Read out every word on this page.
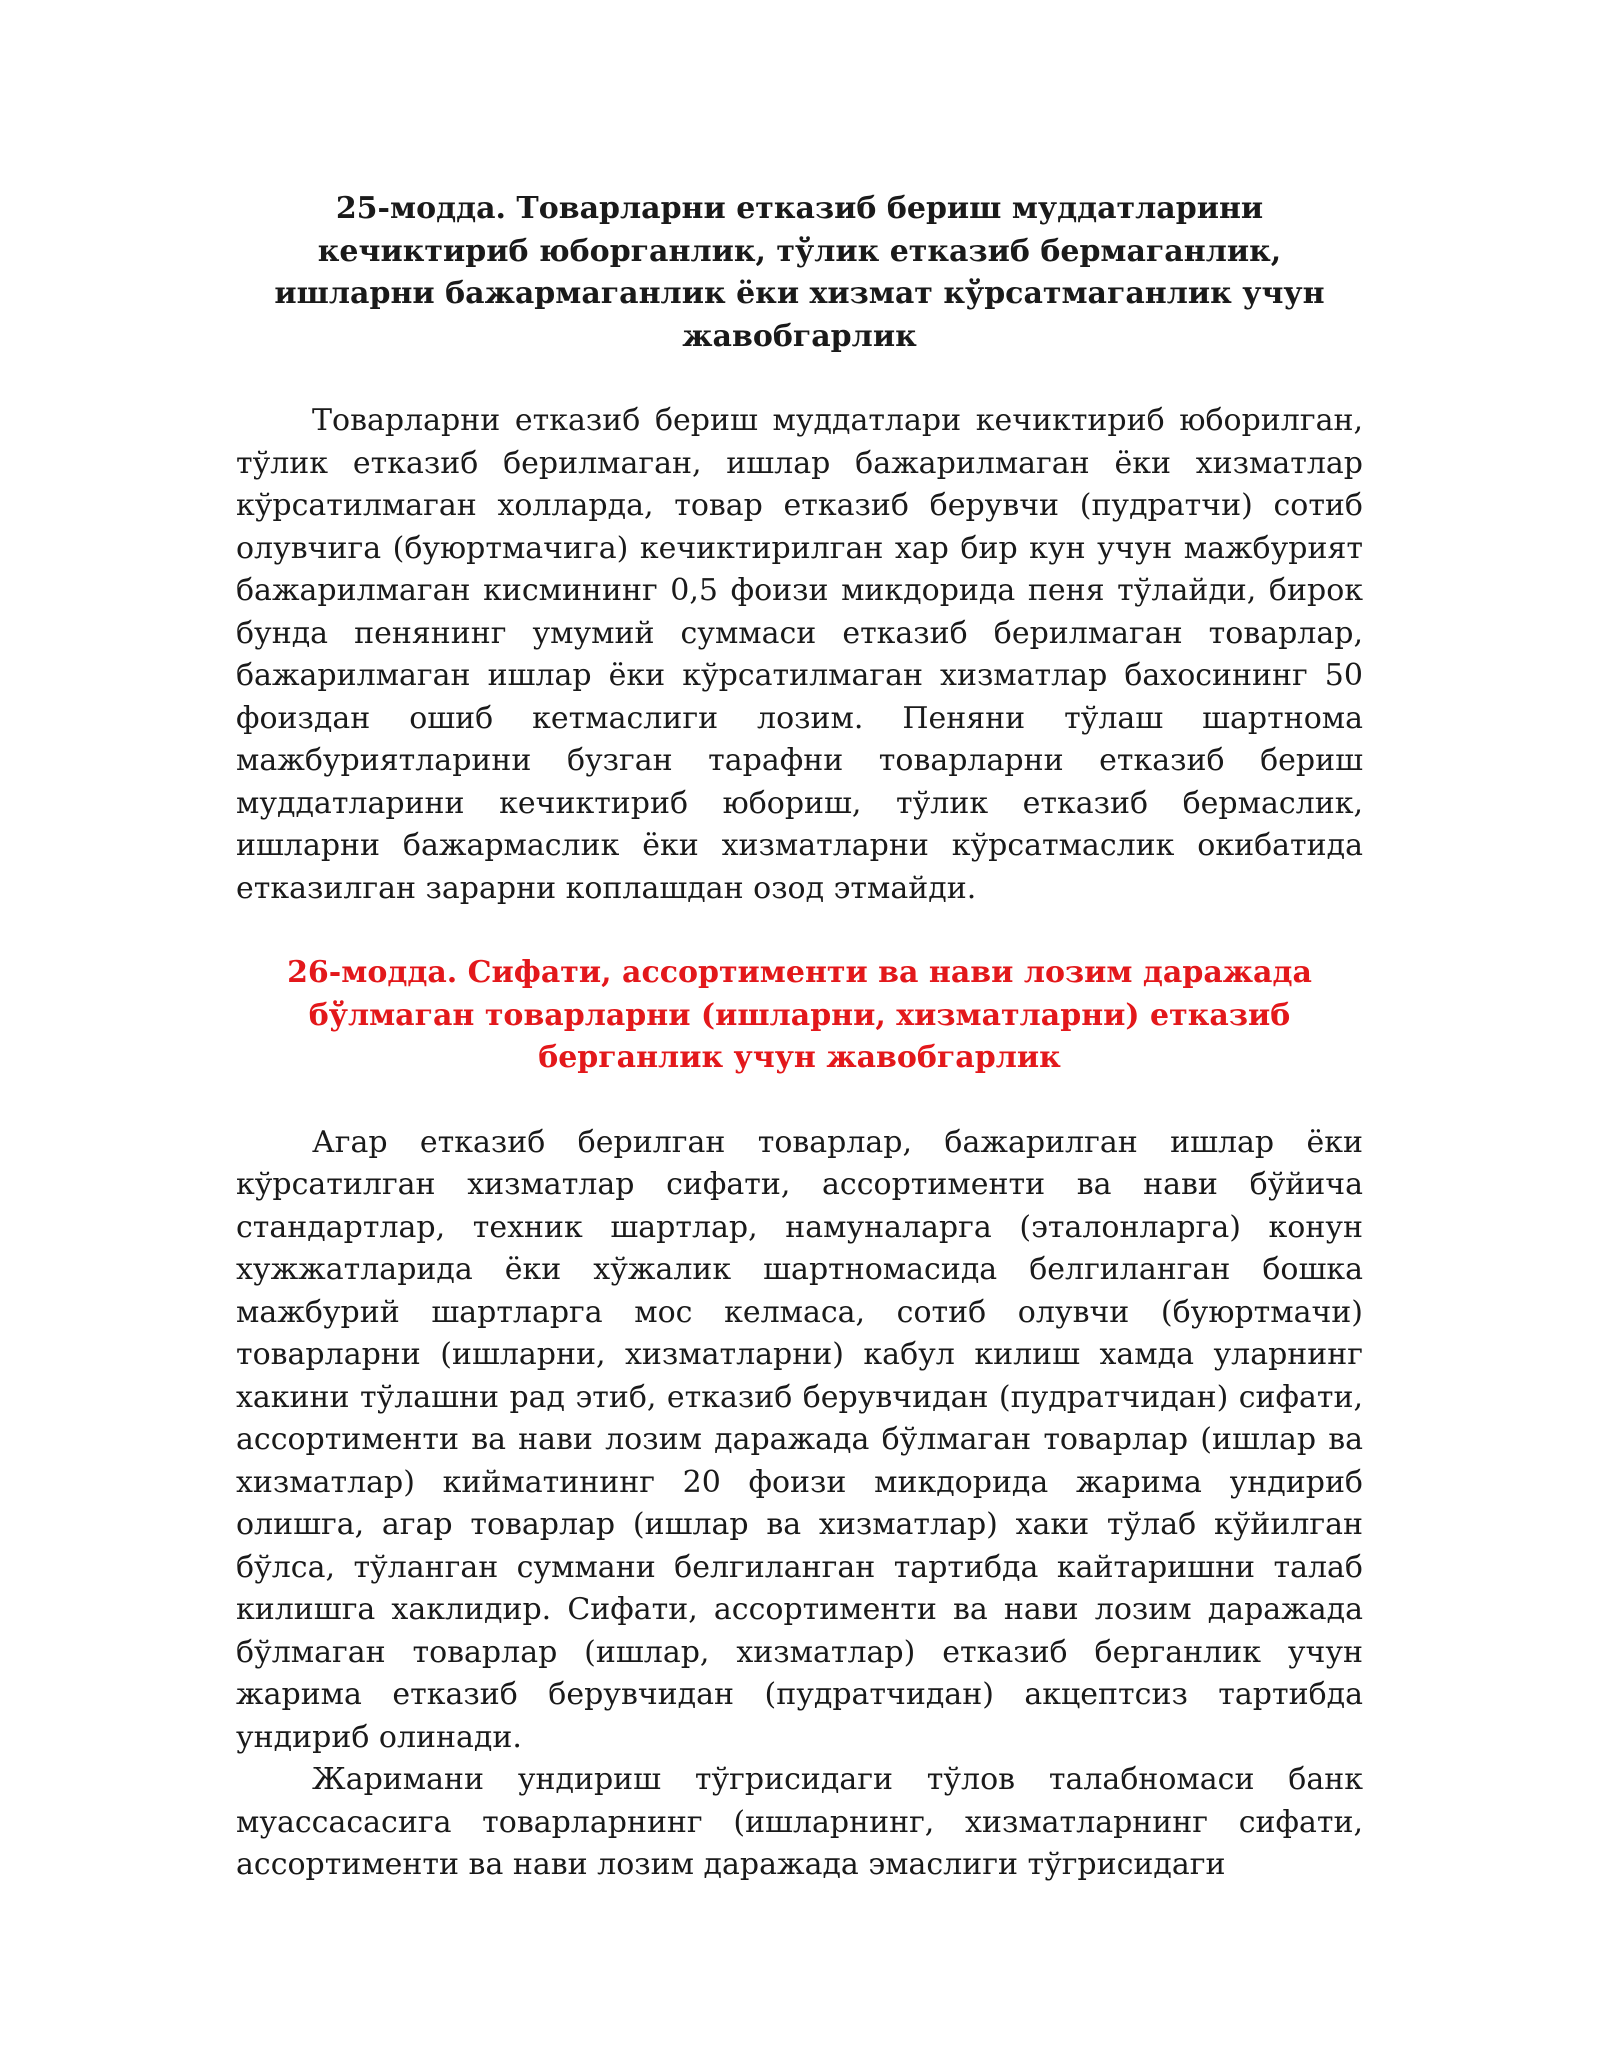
25-модда. Товарларни етказиб бериш муддатларини кечиктириб юборганлик, тўлик етказиб бермаганлик, ишларни бажармаганлик ёки хизмат кўрсатмаганлик учун жавобгарлик

Товарларни етказиб бериш муддатлари кечиктириб юборилган, тўлик етказиб берилмаган, ишлар бажарилмаган ёки хизматлар кўрсатилмаган холларда, товар етказиб берувчи (пудратчи) сотиб олувчига (буюртмачига) кечиктирилган хар бир кун учун мажбурият бажарилмаган кисмининг 0,5 фоизи микдорида пеня тўлайди, бирок бунда пенянинг умумий суммаси етказиб берилмаган товарлар, бажарилмаган ишлар ёки кўрсатилмаган хизматлар бахосининг 50 фоиздан ошиб кетмаслиги лозим. Пеняни тўлаш шартнома мажбуриятларини бузган тарафни товарларни етказиб бериш муддатларини кечиктириб юбориш, тўлик етказиб бермаслик, ишларни бажармаслик ёки хизматларни кўрсатмаслик окибатида етказилган зарарни коплашдан озод этмайди.

26-модда. Сифати, ассортименти ва нави лозим даражада бўлмаган товарларни (ишларни, хизматларни) етказиб берганлик учун жавобгарлик

Агар етказиб берилган товарлар, бажарилган ишлар ёки кўрсатилган хизматлар сифати, ассортименти ва нави бўйича стандартлар, техник шартлар, намуналарга (эталонларга) конун хужжатларида ёки хўжалик шартномасида белгиланган бошка мажбурий шартларга мос келмаса, сотиб олувчи (буюртмачи) товарларни (ишларни, хизматларни) кабул килиш хамда уларнинг хакини тўлашни рад этиб, етказиб берувчидан (пудратчидан) сифати, ассортименти ва нави лозим даражада бўлмаган товарлар (ишлар ва хизматлар) кийматининг 20 фоизи микдорида жарима ундириб олишга, агар товарлар (ишлар ва хизматлар) хаки тўлаб кўйилган бўлса, тўланган суммани белгиланган тартибда кайтаришни талаб килишга хаклидир. Сифати, ассортименти ва нави лозим даражада бўлмаган товарлар (ишлар, хизматлар) етказиб берганлик учун жарима етказиб берувчидан (пудратчидан) акцептсиз тартибда ундириб олинади.

Жаримани ундириш тўгрисидаги тўлов талабномаси банк муассасасига товарларнинг (ишларнинг, хизматларнинг сифати, ассортименти ва нави лозим даражада эмаслиги тўгрисидаги
